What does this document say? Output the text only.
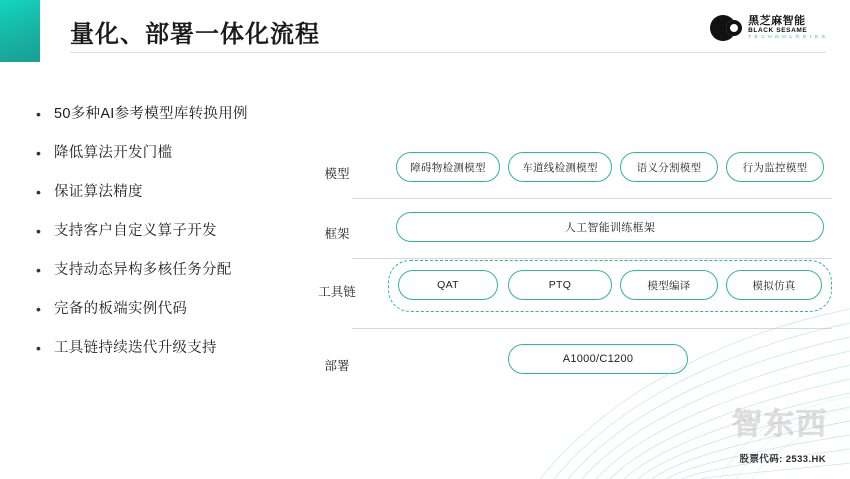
量化、部署一体化流程	黑芝麻智能
BLACK SESAME
T E C H N O L O G I E S
• 50多种AI参考模型库转换用例
• 降低算法开发门槛
• 保证算法精度
• 支持客户自定义算子开发
• 支持动态异构多核任务分配
• 完备的板端实例代码
• 工具链持续迭代升级支持
模型	障碍物检测模型	车道线检测模型	语义分割模型	行为监控模型
框架	人工智能训练框架
工具链	QAT	PTQ	模型编译	模拟仿真
部署	A1000/C1200
智东西
股票代码: 2533.HK
